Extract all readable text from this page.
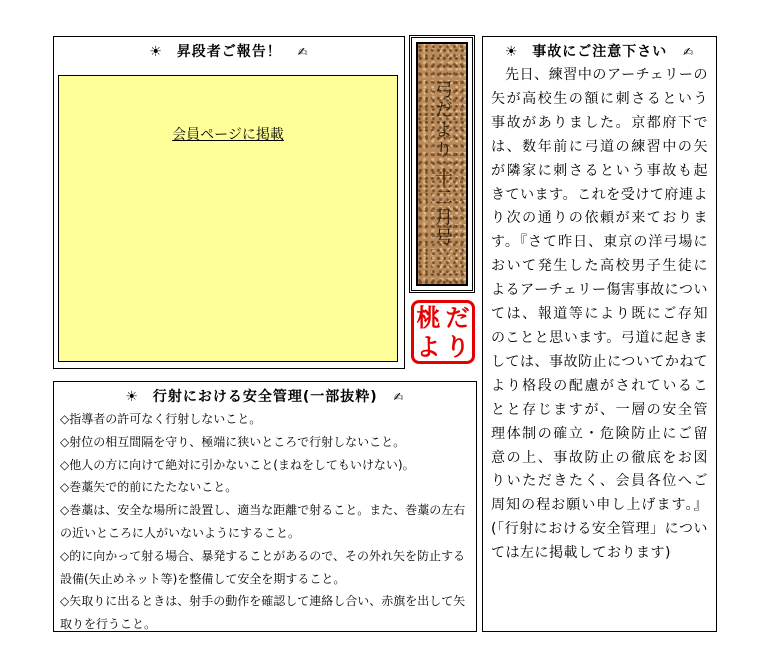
☀ 昇段者ご報告！ ✍
会員ページに掲載	弓だより 十二月号
桃 だ
よ り
☀ 行射における安全管理(一部抜粋) ✍

◇指導者の許可なく行射しないこと。

◇射位の相互間隔を守り、極端に狭いところで行射しないこと。

◇他人の方に向けて絶対に引かないこと(まねをしてもいけない)。

◇巻藁矢で的前にたたないこと。

◇巻藁は、安全な場所に設置し、適当な距離で射ること。また、巻藁の左右の近いところに人がいないようにすること。

◇的に向かって射る場合、暴発することがあるので、その外れ矢を防止する設備(矢止めネット等)を整備して安全を期すること。

◇矢取りに出るときは、射手の動作を確認して連絡し合い、赤旗を出して矢取りを行うこと。

☀ 事故にご注意下さい ✍
先日、練習中のアーチェリーの矢が高校生の額に刺さるという事故がありました。京都府下では、数年前に弓道の練習中の矢が隣家に刺さるという事故も起きています。これを受けて府連より次の通りの依頼が来ております。『さて昨日、東京の洋弓場において発生した高校男子生徒によるアーチェリー傷害事故については、報道等により既にご存知のことと思います。弓道に起きましては、事故防止についてかねてより格段の配慮がされていることと存じますが、一層の安全管理体制の確立・危険防止にご留意の上、事故防止の徹底をお図りいただきたく、会員各位へご周知の程お願い申し上げます。』(「行射における安全管理」については左に掲載しております)
